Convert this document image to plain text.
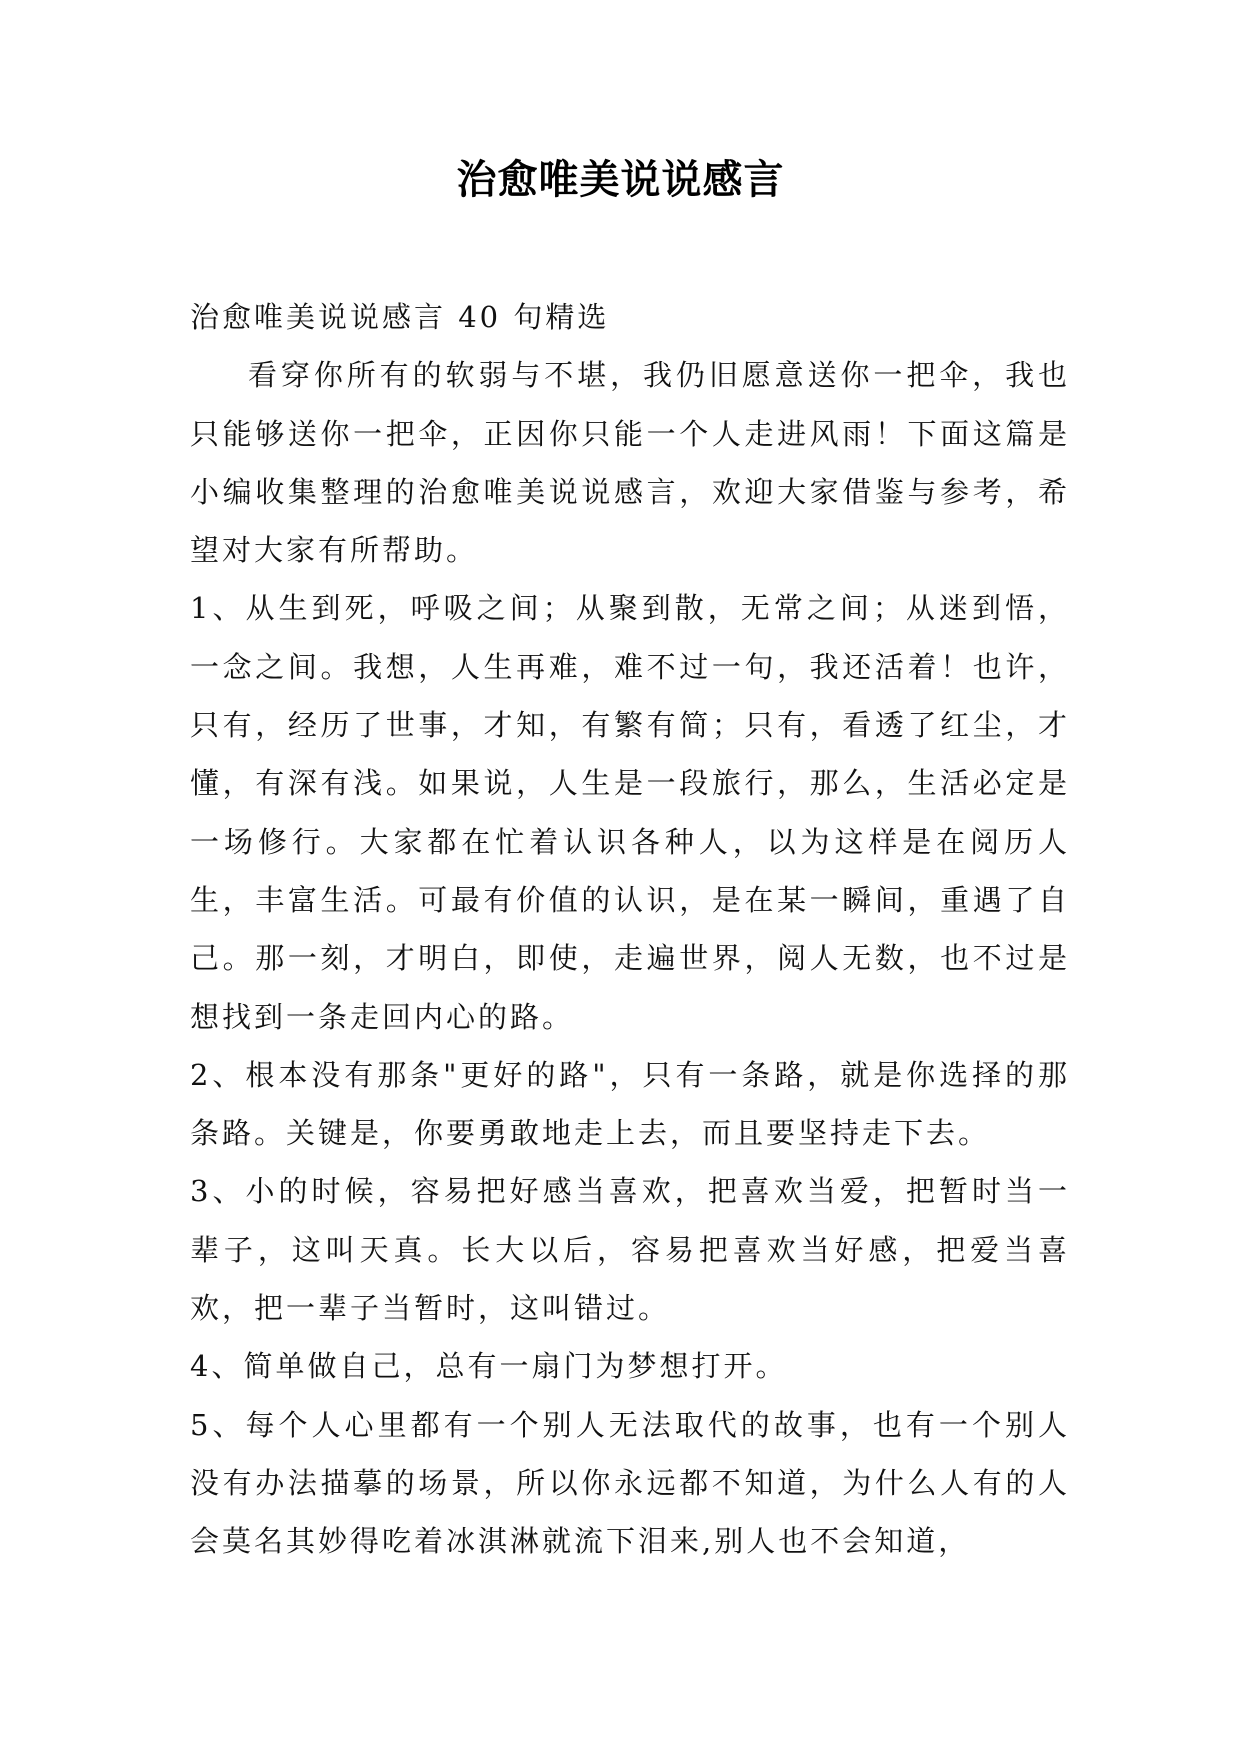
治愈唯美说说感言

治愈唯美说说感言 40 句精选

看穿你所有的软弱与不堪，我仍旧愿意送你一把伞，我也只能够送你一把伞，正因你只能一个人走进风雨！下面这篇是小编收集整理的治愈唯美说说感言，欢迎大家借鉴与参考，希望对大家有所帮助。

1、从生到死，呼吸之间；从聚到散，无常之间；从迷到悟，一念之间。我想，人生再难，难不过一句，我还活着！也许，只有，经历了世事，才知，有繁有简；只有，看透了红尘，才懂，有深有浅。如果说，人生是一段旅行，那么，生活必定是一场修行。大家都在忙着认识各种人，以为这样是在阅历人生，丰富生活。可最有价值的认识，是在某一瞬间，重遇了自己。那一刻，才明白，即使，走遍世界，阅人无数，也不过是想找到一条走回内心的路。

2、根本没有那条"更好的路"，只有一条路，就是你选择的那条路。关键是，你要勇敢地走上去，而且要坚持走下去。

3、小的时候，容易把好感当喜欢，把喜欢当爱，把暂时当一辈子，这叫天真。长大以后，容易把喜欢当好感，把爱当喜欢，把一辈子当暂时，这叫错过。

4、简单做自己，总有一扇门为梦想打开。

5、每个人心里都有一个别人无法取代的故事，也有一个别人没有办法描摹的场景，所以你永远都不知道，为什么人有的人会莫名其妙得吃着冰淇淋就流下泪来,别人也不会知道，
